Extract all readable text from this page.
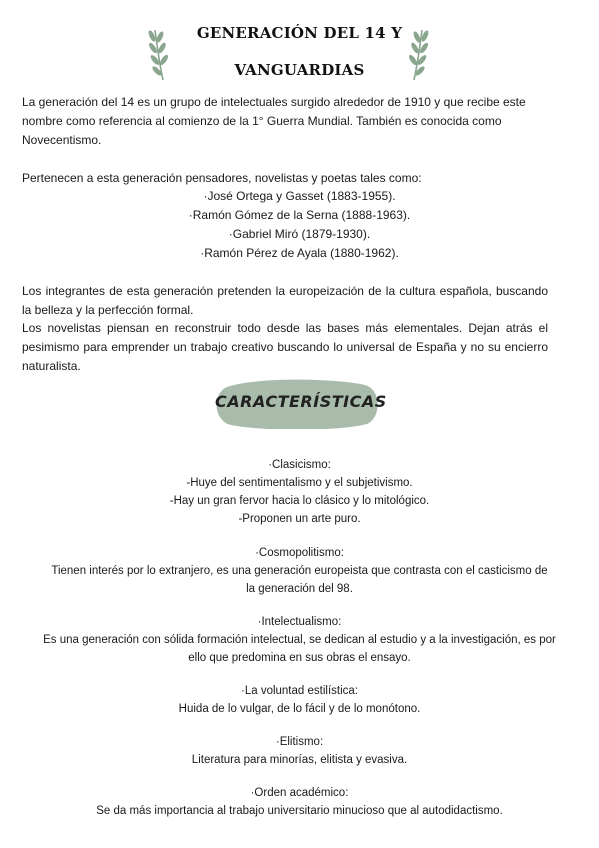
GENERACIÓN DEL 14 Y
VANGUARDIAS
La generación del 14 es un grupo de intelectuales surgido alrededor de 1910 y que recibe este nombre como referencia al comienzo de la 1° Guerra Mundial. También es conocida como Novecentismo.
Pertenecen a esta generación pensadores, novelistas y poetas tales como:
·José Ortega y Gasset (1883-1955).
·Ramón Gómez de la Serna (1888-1963).
·Gabriel Miró (1879-1930).
·Ramón Pérez de Ayala (1880-1962).
Los integrantes de esta generación pretenden la europeización de la cultura española, buscando la belleza y la perfección formal.
Los novelistas piensan en reconstruir todo desde las bases más elementales. Dejan atrás el pesimismo para emprender un trabajo creativo buscando lo universal de España y no su encierro naturalista.
CARACTERÍSTICAS
·Clasicismo:
-Huye del sentimentalismo y el subjetivismo.
-Hay un gran fervor hacia lo clásico y lo mitológico.
-Proponen un arte puro.
·Cosmopolitismo:
Tienen interés por lo extranjero, es una generación europeista que contrasta con el casticismo de
la generación del 98.
·Intelectualismo:
Es una generación con sólida formación intelectual, se dedican al estudio y a la investigación, es por
ello que predomina en sus obras el ensayo.
·La voluntad estilística:
Huida de lo vulgar, de lo fácil y de lo monótono.
·Elitismo:
Literatura para minorías, elitista y evasiva.
·Orden académico:
Se da más importancia al trabajo universitario minucioso que al autodidactismo.
